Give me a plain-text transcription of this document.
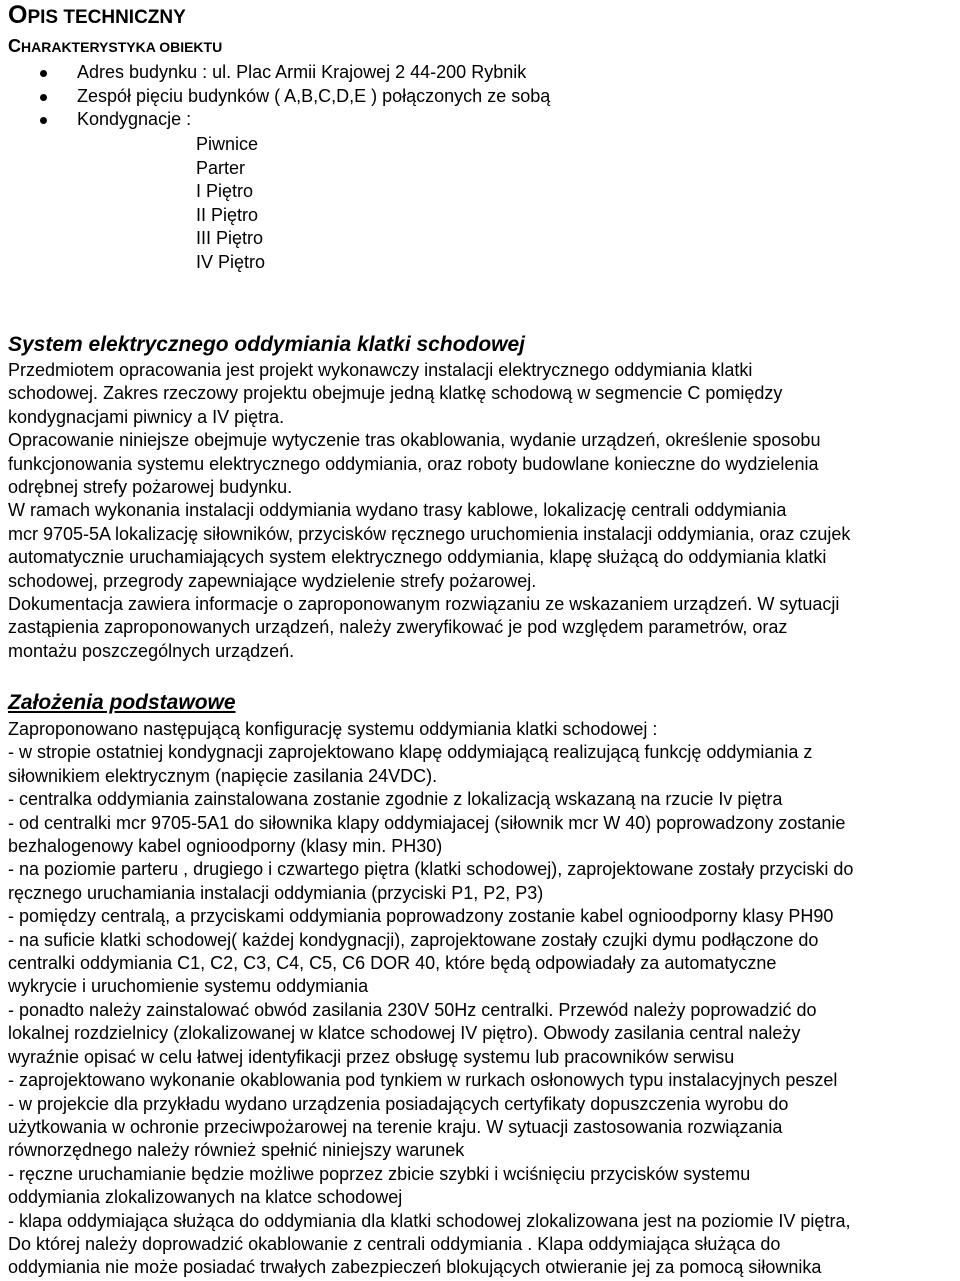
OPIS TECHNICZNY
CHARAKTERYSTYKA OBIEKTU
Adres budynku : ul. Plac Armii Krajowej 2 44-200 Rybnik
Zespół pięciu budynków ( A,B,C,D,E ) połączonych ze sobą
Kondygnacje :
Piwnice
Parter
I Piętro
II Piętro
III Piętro
IV Piętro
System elektrycznego oddymiania klatki schodowej
Przedmiotem opracowania jest projekt wykonawczy instalacji elektrycznego oddymiania klatki
schodowej. Zakres rzeczowy projektu obejmuje jedną klatkę schodową w segmencie C pomiędzy
kondygnacjami piwnicy a IV piętra.
Opracowanie niniejsze obejmuje wytyczenie tras okablowania, wydanie urządzeń, określenie sposobu
funkcjonowania systemu elektrycznego oddymiania, oraz roboty budowlane konieczne do wydzielenia
odrębnej strefy pożarowej budynku.
W ramach wykonania instalacji oddymiania wydano trasy kablowe, lokalizację centrali oddymiania
mcr 9705-5A lokalizację siłowników, przycisków ręcznego uruchomienia instalacji oddymiania, oraz czujek
automatycznie uruchamiających system elektrycznego oddymiania, klapę służącą do oddymiania klatki
schodowej, przegrody zapewniające wydzielenie strefy pożarowej.
Dokumentacja zawiera informacje o zaproponowanym rozwiązaniu ze wskazaniem urządzeń. W sytuacji
zastąpienia zaproponowanych urządzeń, należy zweryfikować je pod względem parametrów, oraz
montażu poszczególnych urządzeń.
Założenia podstawowe
Zaproponowano następującą konfigurację systemu oddymiania klatki schodowej :
- w stropie ostatniej kondygnacji zaprojektowano klapę oddymiającą realizującą funkcję oddymiania z
siłownikiem elektrycznym (napięcie zasilania 24VDC).
- centralka oddymiania zainstalowana zostanie zgodnie z lokalizacją wskazaną na rzucie Iv piętra
- od centralki mcr 9705-5A1 do siłownika klapy oddymiajacej (siłownik mcr W 40) poprowadzony zostanie
bezhalogenowy kabel ognioodporny (klasy min. PH30)
- na poziomie parteru , drugiego i czwartego piętra (klatki schodowej), zaprojektowane zostały przyciski do
ręcznego uruchamiania instalacji oddymiania (przyciski P1, P2, P3)
- pomiędzy centralą, a przyciskami oddymiania poprowadzony zostanie kabel ognioodporny klasy PH90
- na suficie klatki schodowej( każdej kondygnacji), zaprojektowane zostały czujki dymu podłączone do
centralki oddymiania C1, C2, C3, C4, C5, C6 DOR 40, które będą odpowiadały za automatyczne
wykrycie i uruchomienie systemu oddymiania
- ponadto należy zainstalować obwód zasilania 230V 50Hz centralki. Przewód należy poprowadzić do
lokalnej rozdzielnicy (zlokalizowanej w klatce schodowej IV piętro). Obwody zasilania central należy
wyraźnie opisać w celu łatwej identyfikacji przez obsługę systemu lub pracowników serwisu
- zaprojektowano wykonanie okablowania pod tynkiem w rurkach osłonowych typu instalacyjnych peszel
- w projekcie dla przykładu wydano urządzenia posiadających certyfikaty dopuszczenia wyrobu do
użytkowania w ochronie przeciwpożarowej na terenie kraju. W sytuacji zastosowania rozwiązania
równorzędnego należy również spełnić niniejszy warunek
- ręczne uruchamianie będzie możliwe poprzez zbicie szybki i wciśnięciu przycisków systemu
oddymiania zlokalizowanych na klatce schodowej
- klapa oddymiająca służąca do oddymiania dla klatki schodowej zlokalizowana jest na poziomie IV piętra,
Do której należy doprowadzić okablowanie z centrali oddymiania . Klapa oddymiająca służąca do
oddymiania nie może posiadać trwałych zabezpieczeń blokujących otwieranie jej za pomocą siłownika
